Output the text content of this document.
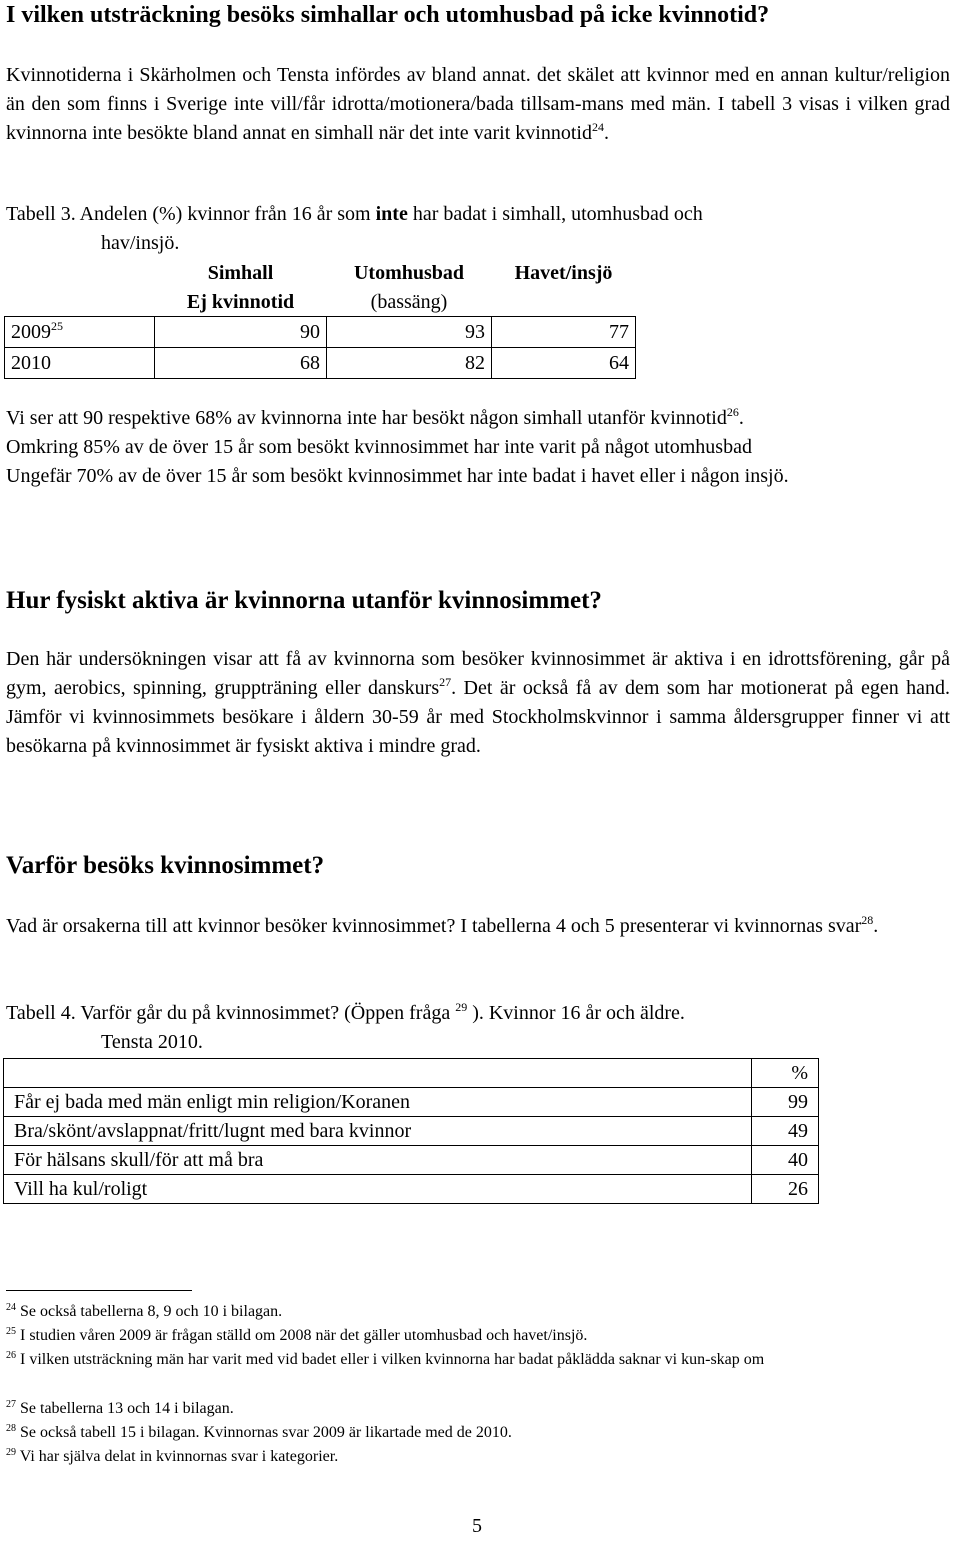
I vilken utsträckning besöks simhallar och utomhusbad på icke kvinnotid?
Kvinnotiderna i Skärholmen och Tensta infördes av bland annat. det skälet att kvinnor med en annan kultur/religion än den som finns i Sverige inte vill/får idrotta/motionera/bada tillsam-mans med män. I tabell 3 visas i vilken grad kvinnorna inte besökte bland annat en simhall när det inte varit kvinnotid$^{24}$.
Tabell 3. Andelen (%) kvinnor från 16 år som inte har badat i simhall, utomhusbad och
hav/insjö.
	Simhall	Utomhusbad	Havet/insjö
	Ej kvinnotid	(bassäng)	
2009$^{25}$	90	93	77
2010	68	82	64
Vi ser att 90 respektive 68% av kvinnorna inte har besökt någon simhall utanför kvinnotid$^{26}$.
Omkring 85% av de över 15 år som besökt kvinnosimmet har inte varit på något utomhusbad
Ungefär 70% av de över 15 år som besökt kvinnosimmet har inte badat i havet eller i någon insjö.
Hur fysiskt aktiva är kvinnorna utanför kvinnosimmet?
Den här undersökningen visar att få av kvinnorna som besöker kvinnosimmet är aktiva i en idrottsförening, går på gym, aerobics, spinning, gruppträning eller danskurs$^{27}$. Det är också få av dem som har motionerat på egen hand. Jämför vi kvinnosimmets besökare i åldern 30-59 år med Stockholmskvinnor i samma åldersgrupper finner vi att besökarna på kvinnosimmet är fysiskt aktiva i mindre grad.
Varför besöks kvinnosimmet?
Vad är orsakerna till att kvinnor besöker kvinnosimmet? I tabellerna 4 och 5 presenterar vi kvinnornas svar$^{28}$.
Tabell 4. Varför går du på kvinnosimmet? (Öppen fråga $^{29}$ ). Kvinnor 16 år och äldre.
Tensta 2010.
	%
Får ej bada med män enligt min religion/Koranen	99
Bra/skönt/avslappnat/fritt/lugnt med bara kvinnor	49
För hälsans skull/för att må bra	40
Vill ha kul/roligt	26
$^{24}$ Se också tabellerna 8, 9 och 10 i bilagan.
$^{25}$ I studien våren 2009 är frågan ställd om 2008 när det gäller utomhusbad och havet/insjö.
$^{26}$ I vilken utsträckning män har varit med vid badet eller i vilken kvinnorna har badat påklädda saknar vi kun-skap om
$^{27}$ Se tabellerna 13 och 14 i bilagan.
$^{28}$ Se också tabell 15 i bilagan. Kvinnornas svar 2009 är likartade med de 2010.
$^{29}$ Vi har själva delat in kvinnornas svar i kategorier.
5
